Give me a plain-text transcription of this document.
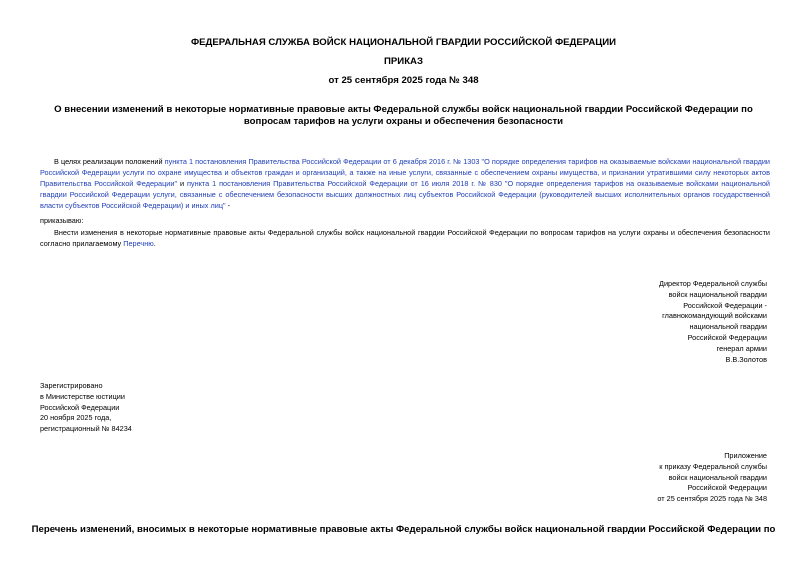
ФЕДЕРАЛЬНАЯ СЛУЖБА ВОЙСК НАЦИОНАЛЬНОЙ ГВАРДИИ РОССИЙСКОЙ ФЕДЕРАЦИИ
ПРИКАЗ
от 25 сентября 2025 года № 348
О внесении изменений в некоторые нормативные правовые акты Федеральной службы войск национальной гвардии Российской Федерации по вопросам тарифов на услуги охраны и обеспечения безопасности
В целях реализации положений пункта 1 постановления Правительства Российской Федерации от 6 декабря 2016 г. № 1303 "О порядке определения тарифов на оказываемые войсками национальной гвардии Российской Федерации услуги по охране имущества и объектов граждан и организаций, а также на иные услуги, связанные с обеспечением охраны имущества, и признании утратившими силу некоторых актов Правительства Российской Федерации" и пункта 1 постановления Правительства Российской Федерации от 16 июля 2018 г. № 830 "О порядке определения тарифов на оказываемые войсками национальной гвардии Российской Федерации услуги, связанные с обеспечением безопасности высших должностных лиц субъектов Российской Федерации (руководителей высших исполнительных органов государственной власти субъектов Российской Федерации) и иных лиц" -
приказываю:
Внести изменения в некоторые нормативные правовые акты Федеральной службы войск национальной гвардии Российской Федерации по вопросам тарифов на услуги охраны и обеспечения безопасности согласно прилагаемому Перечню.
Директор Федеральной службы
войск национальной гвардии
Российской Федерации -
главнокомандующий войсками
национальной гвардии
Российской Федерации
генерал армии
В.В.Золотов
Зарегистрировано
в Министерстве юстиции
Российской Федерации
20 ноября 2025 года,
регистрационный № 84234
Приложение
к приказу Федеральной службы
войск национальной гвардии
Российской Федерации
от 25 сентября 2025 года № 348
Перечень изменений, вносимых в некоторые нормативные правовые акты Федеральной службы войск национальной гвардии Российской Федерации по
